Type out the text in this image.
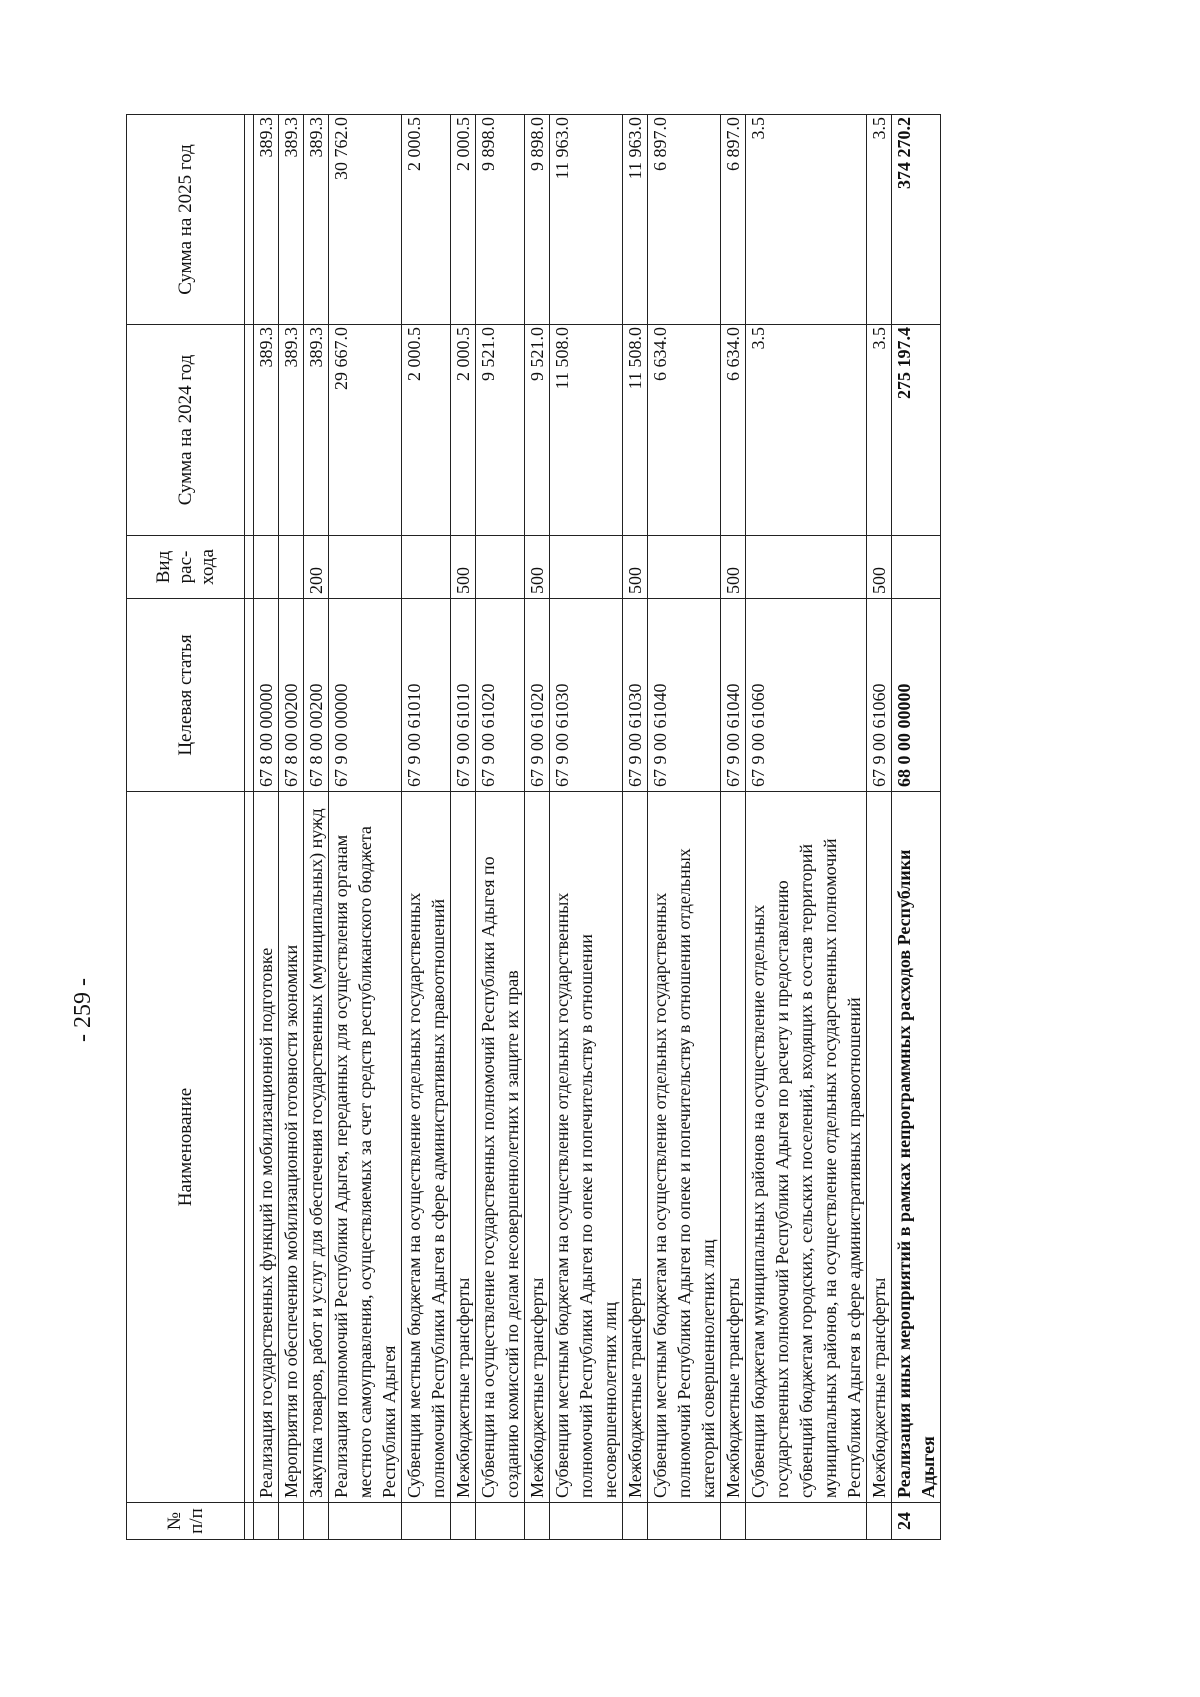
- 259 -
№ п/п	Наименование	Целевая статья	Вид рас-хода	Сумма на 2024 год	Сумма на 2025 год

	Реализация государственных функций по мобилизационной подготовке	67 8 00 00000		389.3	389.3
	Мероприятия по обеспечению мобилизационной готовности экономики	67 8 00 00200		389.3	389.3
	Закупка товаров, работ и услуг для обеспечения государственных (муниципальных) нужд	67 8 00 00200	200	389.3	389.3
	Реализация полномочий Республики Адыгея, переданных для осуществления органам местного самоуправления, осуществляемых за счет средств республиканского бюджета Республики Адыгея	67 9 00 00000		29 667.0	30 762.0
	Субвенции местным бюджетам на осуществление отдельных государственных полномочий Республики Адыгея в сфере административных правоотношений	67 9 00 61010		2 000.5	2 000.5
	Межбюджетные трансферты	67 9 00 61010	500	2 000.5	2 000.5
	Субвенции на осуществление государственных полномочий Республики Адыгея по созданию комиссий по делам несовершеннолетних и защите их прав	67 9 00 61020		9 521.0	9 898.0
	Межбюджетные трансферты	67 9 00 61020	500	9 521.0	9 898.0
	Субвенции местным бюджетам на осуществление отдельных государственных полномочий Республики Адыгея по опеке и попечительству в отношении несовершеннолетних лиц	67 9 00 61030		11 508.0	11 963.0
	Межбюджетные трансферты	67 9 00 61030	500	11 508.0	11 963.0
	Субвенции местным бюджетам на осуществление отдельных государственных полномочий Республики Адыгея по опеке и попечительству в отношении отдельных категорий совершеннолетних лиц	67 9 00 61040		6 634.0	6 897.0
	Межбюджетные трансферты	67 9 00 61040	500	6 634.0	6 897.0
	Субвенции бюджетам муниципальных районов на осуществление отдельных государственных полномочий Республики Адыгея по расчету и предоставлению субвенций бюджетам городских, сельских поселений, входящих в состав территорий муниципальных районов, на осуществление отдельных государственных полномочий Республики Адыгея в сфере административных правоотношений	67 9 00 61060		3.5	3.5
	Межбюджетные трансферты	67 9 00 61060	500	3.5	3.5
24	Реализация иных мероприятий в рамках непрограммных расходов Республики Адыгея	68 0 00 00000		275 197.4	374 270.2
